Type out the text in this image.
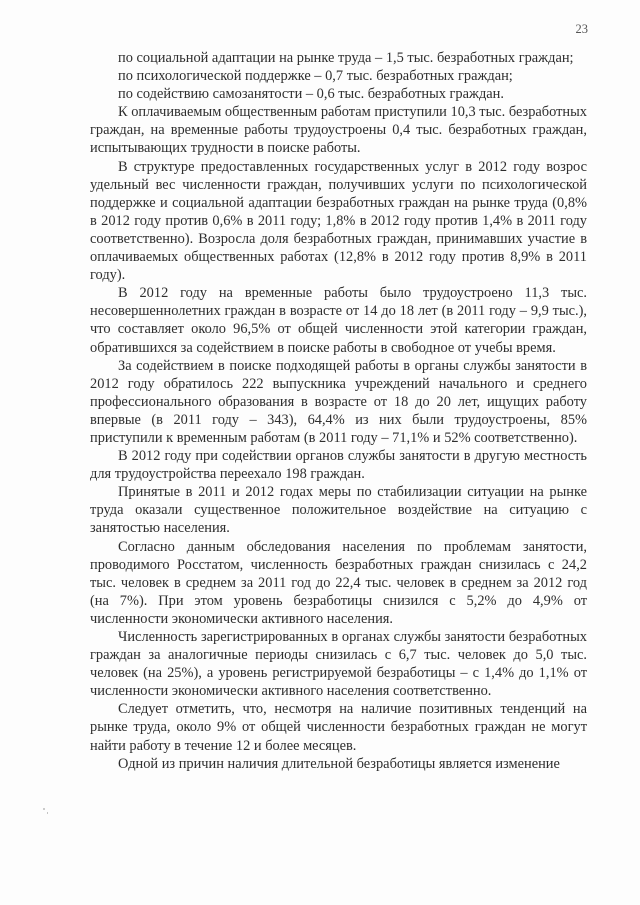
23

по социальной адаптации на рынке труда – 1,5 тыс. безработных граждан;

по психологической поддержке – 0,7 тыс. безработных граждан;

по содействию самозанятости – 0,6 тыс. безработных граждан.

К оплачиваемым общественным работам приступили 10,3 тыс. безработных граждан, на временные работы трудоустроены 0,4 тыс. безработных граждан, испытывающих трудности в поиске работы.

В структуре предоставленных государственных услуг в 2012 году возрос удельный вес численности граждан, получивших услуги по психологической поддержке и социальной адаптации безработных граждан на рынке труда (0,8% в 2012 году против 0,6% в 2011 году; 1,8% в 2012 году против 1,4% в 2011 году соответственно). Возросла доля безработных граждан, принимавших участие в оплачиваемых общественных работах (12,8% в 2012 году против 8,9% в 2011 году).

В 2012 году на временные работы было трудоустроено 11,3 тыс. несовершеннолетних граждан в возрасте от 14 до 18 лет (в 2011 году – 9,9 тыс.), что составляет около 96,5% от общей численности этой категории граждан, обратившихся за содействием в поиске работы в свободное от учебы время.

За содействием в поиске подходящей работы в органы службы занятости в 2012 году обратилось 222 выпускника учреждений начального и среднего профессионального образования в возрасте от 18 до 20 лет, ищущих работу впервые (в 2011 году – 343), 64,4% из них были трудоустроены, 85% приступили к временным работам (в 2011 году – 71,1% и 52% соответственно).

В 2012 году при содействии органов службы занятости в другую местность для трудоустройства переехало 198 граждан.

Принятые в 2011 и 2012 годах меры по стабилизации ситуации на рынке труда оказали существенное положительное воздействие на ситуацию с занятостью населения.

Согласно данным обследования населения по проблемам занятости, проводимого Росстатом, численность безработных граждан снизилась с 24,2 тыс. человек в среднем за 2011 год до 22,4 тыс. человек в среднем за 2012 год (на 7%). При этом уровень безработицы снизился с 5,2% до 4,9% от численности экономически активного населения.

Численность зарегистрированных в органах службы занятости безработных граждан за аналогичные периоды снизилась с 6,7 тыс. человек до 5,0 тыс. человек (на 25%), а уровень регистрируемой безработицы – с 1,4% до 1,1% от численности экономически активного населения соответственно.

Следует отметить, что, несмотря на наличие позитивных тенденций на рынке труда, около 9% от общей численности безработных граждан не могут найти работу в течение 12 и более месяцев.

Одной из причин наличия длительной безработицы является изменение
